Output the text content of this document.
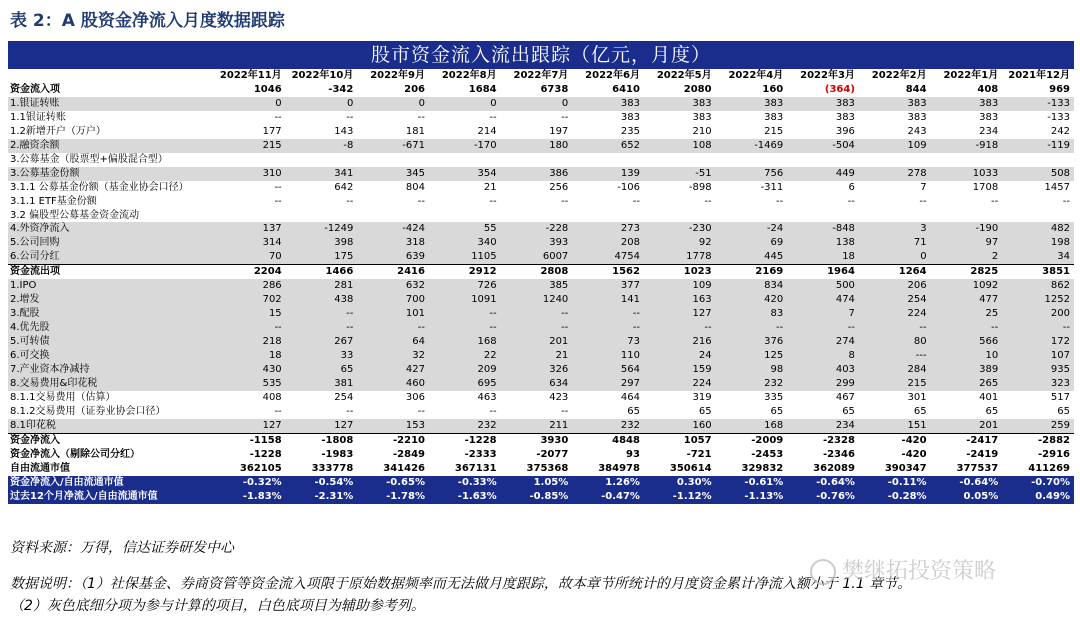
表 2：A 股资金净流入月度数据跟踪
股市资金流入流出跟踪（亿元，月度）
	2022年11月	2022年10月	2022年9月	2022年8月	2022年7月	2022年6月	2022年5月	2022年4月	2022年3月	2022年2月	2022年1月	2021年12月
资金流入项	1046	-342	206	1684	6738	6410	2080	160	(364)	844	408	969
1.银证转账	0	0	0	0	0	383	383	383	383	383	383	-133
1.1银证转账	--	--	--	--	--	383	383	383	383	383	383	-133
1.2新增开户（万户）	177	143	181	214	197	235	210	215	396	243	234	242
2.融资余额	215	-8	-671	-170	180	652	108	-1469	-504	109	-918	-119
3.公募基金（股票型+偏股混合型）												
3.公募基金份额	310	341	345	354	386	139	-51	756	449	278	1033	508
3.1.1 公募基金份额（基金业协会口径）	--	642	804	21	256	-106	-898	-311	6	7	1708	1457
3.1.1 ETF基金份额	--	--	--	--	--	--	--	--	--	--	--	--
3.2 偏股型公募基金资金流动												
4.外资净流入	137	-1249	-424	55	-228	273	-230	-24	-848	3	-190	482
5.公司回购	314	398	318	340	393	208	92	69	138	71	97	198
6.公司分红	70	175	639	1105	6007	4754	1778	445	18	0	2	34
资金流出项	2204	1466	2416	2912	2808	1562	1023	2169	1964	1264	2825	3851
1.IPO	286	281	632	726	385	377	109	834	500	206	1092	862
2.增发	702	438	700	1091	1240	141	163	420	474	254	477	1252
3.配股	15	--	101	--	--	--	127	83	7	224	25	200
4.优先股	--	--	--	--	--	--	--	--	--	--	--	--
5.可转债	218	267	64	168	201	73	216	376	274	80	566	172
6.可交换	18	33	32	22	21	110	24	125	8	---	10	107
7.产业资本净减持	430	65	427	209	326	564	159	98	403	284	389	935
8.交易费用&印花税	535	381	460	695	634	297	224	232	299	215	265	323
8.1.1交易费用（估算）	408	254	306	463	423	464	319	335	467	301	401	517
8.1.2交易费用（证券业协会口径）	--	--	--	--	--	65	65	65	65	65	65	65
8.1印花税	127	127	153	232	211	232	160	168	234	151	201	259
资金净流入	-1158	-1808	-2210	-1228	3930	4848	1057	-2009	-2328	-420	-2417	-2882
资金净流入（剔除公司分红）	-1228	-1983	-2849	-2333	-2077	93	-721	-2453	-2346	-420	-2419	-2916
自由流通市值	362105	333778	341426	367131	375368	384978	350614	329832	362089	390347	377537	411269
资金净流入/自由流通市值	-0.32%	-0.54%	-0.65%	-0.33%	1.05%	1.26%	0.30%	-0.61%	-0.64%	-0.11%	-0.64%	-0.70%
过去12个月净流入/自由流通市值	-1.83%	-2.31%	-1.78%	-1.63%	-0.85%	-0.47%	-1.12%	-1.13%	-0.76%	-0.28%	0.05%	0.49%
资料来源：万得，信达证券研发中心
数据说明：（1）社保基金、券商资管等资金流入项限于原始数据频率而无法做月度跟踪，故本章节所统计的月度资金累计净流入额小于 1.1 章节。
（2）灰色底细分项为参与计算的项目，白色底项目为辅助参考列。
樊继拓投资策略
